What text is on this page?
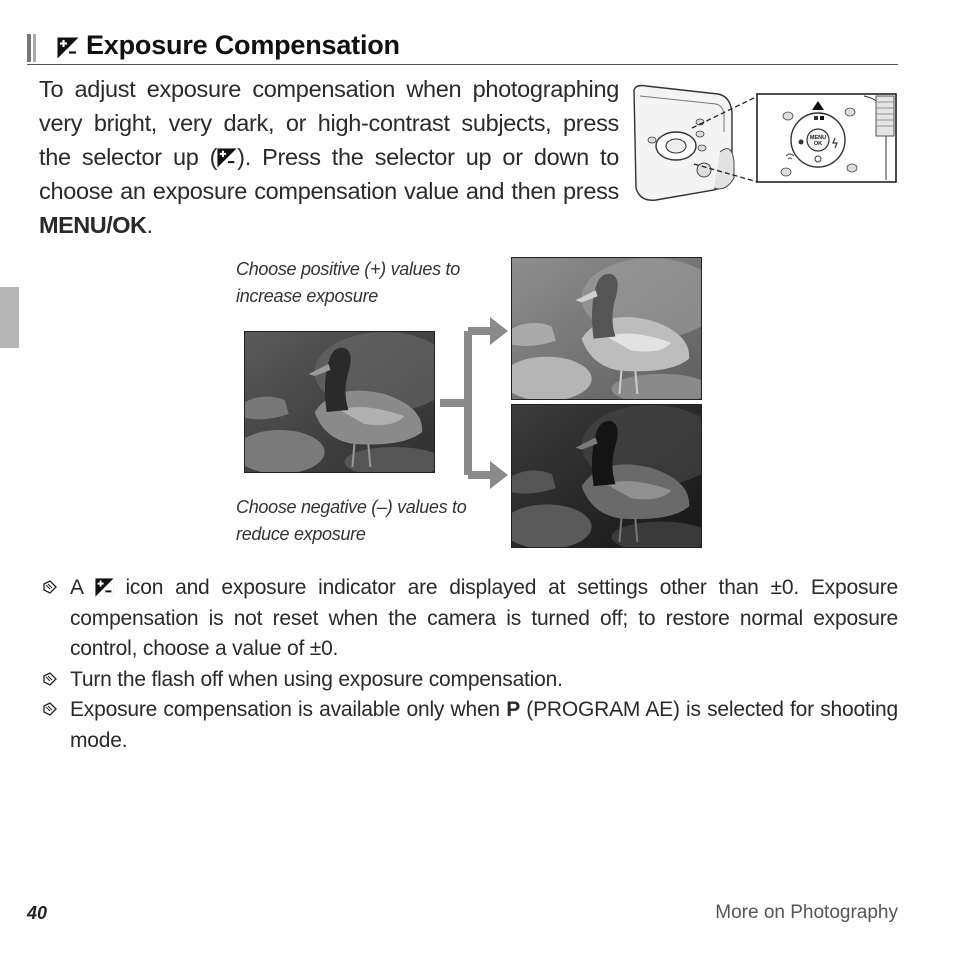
Exposure Compensation
To adjust exposure compensation when photographing very bright, very dark, or high-contrast subjects, press the selector up ( ). Press the selector up or down to choose an exposure compensation value and then press MENU/OK.
MENU
OK
Choose positive (+) values to increase exposure
Choose negative (–) values to reduce exposure
A  icon and exposure indicator are displayed at settings other than ±0. Exposure compensation is not reset when the camera is turned off; to restore normal exposure control, choose a value of ±0.
Turn the flash off when using exposure compensation.
Exposure compensation is available only when P (PROGRAM AE) is selected for shooting mode.
40	More on Photography
